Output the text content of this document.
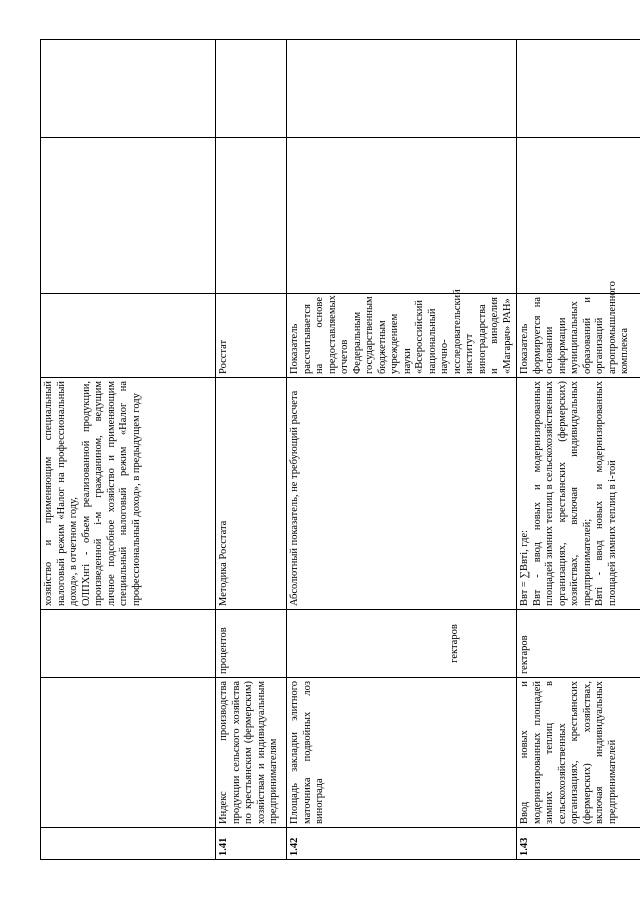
			хозяйство и применяющим специальный налоговый режим «Налог на профессиональный доход», в отчетном году, ОЛПХнгі - объем реализованной продукции, произведенной i-м гражданином, ведущим личное подсобное хозяйство и применяющим специальный налоговый режим «Налог на профессиональный доход», в предыдущем году			

1.41	Индекс производства продукции сельского хозяйства по крестьянским (фермерским) хозяйствам и индивидуальным предпринимателям	процентов	Методика Росстата	Росстат		
1.42	Площадь закладки элитного маточника подвойных лоз винограда	гектаров	Абсолютный показатель, не требующий расчета	Показатель рассчитывается на основе предоставляемых отчетов Федеральным государственным бюджетным учреждением науки «Всероссийский национальный научно-исследовательский институт виноградарства и виноделия «Магарач» РАН»		
1.43	Ввод новых и модернизированных площадей зимних теплиц в сельскохозяйственных организациях, крестьянских (фермерских) хозяйствах, включая индивидуальных предпринимателей	гектаров	Ввт = ∑Ввті, где: Ввт - ввод новых и модернизированных площадей зимних теплиц в сельскохозяйственных организациях, крестьянских (фермерских) хозяйствах, включая индивидуальных предпринимателей; Ввті - ввод новых и модернизированных площадей зимних теплиц в i-той	Показатель формируется на основании информации муниципальных образований и организаций агропромышленного комплекса		
